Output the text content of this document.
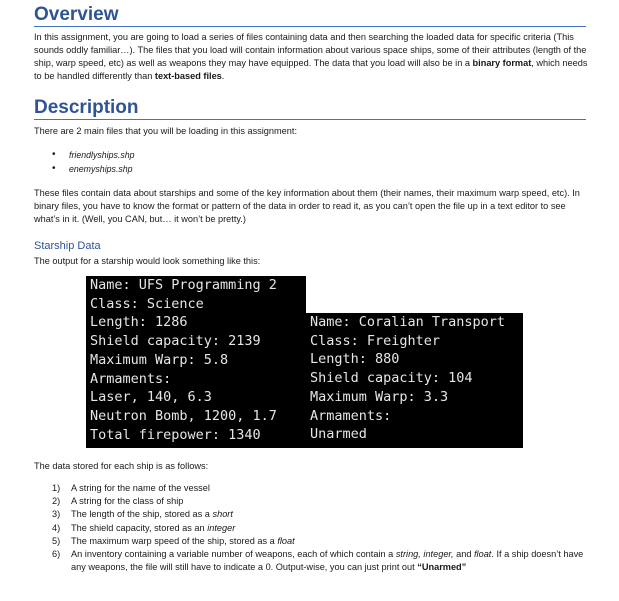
Overview

In this assignment, you are going to load a series of files containing data and then searching the loaded data for specific criteria (This sounds oddly familiar…). The files that you load will contain information about various space ships, some of their attributes (length of the ship, warp speed, etc) as well as weapons they may have equipped. The data that you load will also be in a binary format, which needs to be handled differently than text-based files.

Description

There are 2 main files that you will be loading in this assignment:

• friendlyships.shp
• enemyships.shp

These files contain data about starships and some of the key information about them (their names, their maximum warp speed, etc). In binary files, you have to know the format or pattern of the data in order to read it, as you can’t open the file up in a text editor to see what’s in it. (Well, you CAN, but… it won’t be pretty.)

Starship Data

The output for a starship would look something like this:

Name: UFS Programming 2
Class: Science
Length: 1286
Shield capacity: 2139
Maximum Warp: 5.8
Armaments:
Laser, 140, 6.3
Neutron Bomb, 1200, 1.7
Total firepower: 1340
Name: Coralian Transport
Class: Freighter
Length: 880
Shield capacity: 104
Maximum Warp: 3.3
Armaments:
Unarmed

The data stored for each ship is as follows:

1) A string for the name of the vessel
2) A string for the class of ship
3) The length of the ship, stored as a short
4) The shield capacity, stored as an integer
5) The maximum warp speed of the ship, stored as a float
6) An inventory containing a variable number of weapons, each of which contain a string, integer, and float. If a ship doesn’t have any weapons, the file will still have to indicate a 0. Output-wise, you can just print out “Unarmed”
